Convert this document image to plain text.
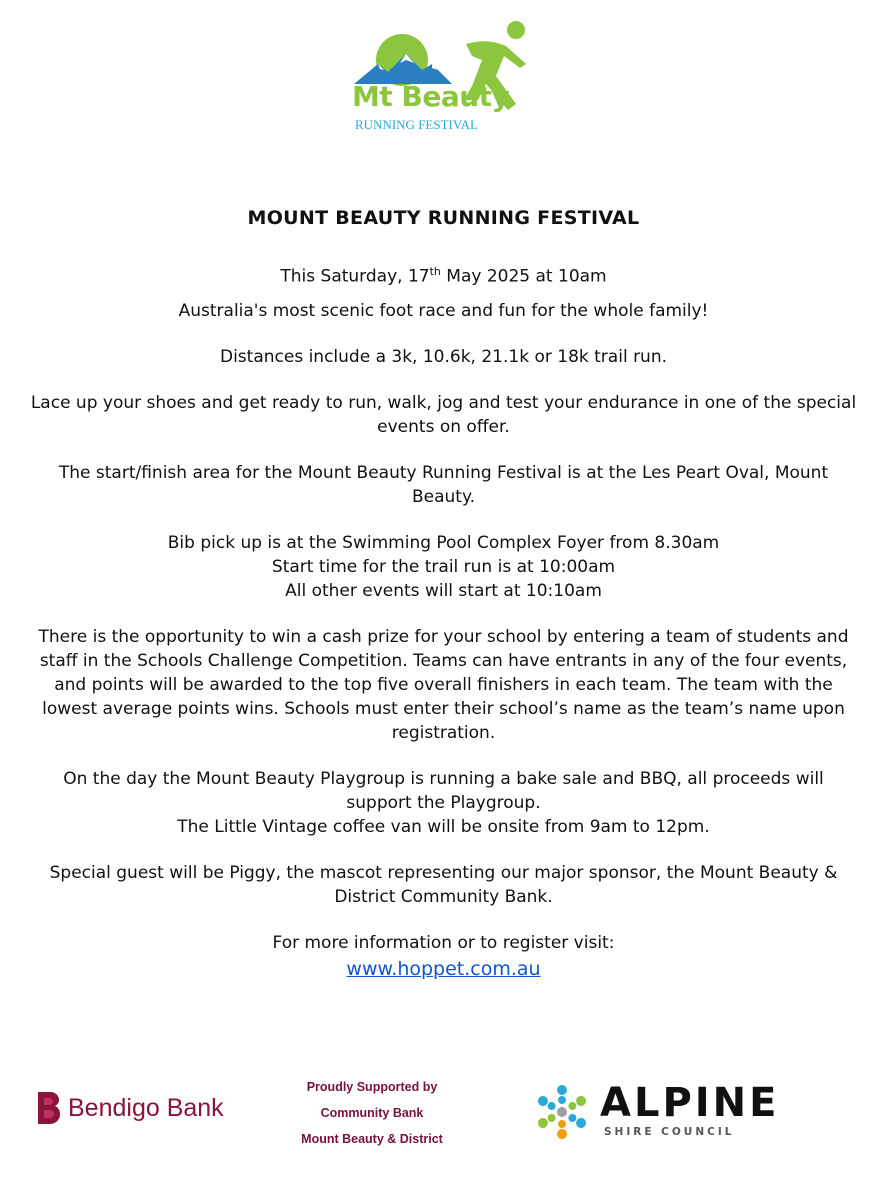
Mt Beauty
RUNNING FESTIVAL
MOUNT BEAUTY RUNNING FESTIVAL

This Saturday, 17th May 2025 at 10am

Australia's most scenic foot race and fun for the whole family!

Distances include a 3k, 10.6k, 21.1k or 18k trail run.

Lace up your shoes and get ready to run, walk, jog and test your endurance in one of the special events on offer.

The start/finish area for the Mount Beauty Running Festival is at the Les Peart Oval, Mount Beauty.

Bib pick up is at the Swimming Pool Complex Foyer from 8.30am
Start time for the trail run is at 10:00am
All other events will start at 10:10am

There is the opportunity to win a cash prize for your school by entering a team of students and staff in the Schools Challenge Competition. Teams can have entrants in any of the four events, and points will be awarded to the top five overall finishers in each team. The team with the lowest average points wins. Schools must enter their school’s name as the team’s name upon registration.

On the day the Mount Beauty Playgroup is running a bake sale and BBQ, all proceeds will support the Playgroup.
The Little Vintage coffee van will be onsite from 9am to 12pm.

Special guest will be Piggy, the mascot representing our major sponsor, the Mount Beauty & District Community Bank.

For more information or to register visit:
www.hoppet.com.au

Bendigo Bank
Proudly Supported by
Community Bank
Mount Beauty & District
ALPINE
SHIRE COUNCIL
